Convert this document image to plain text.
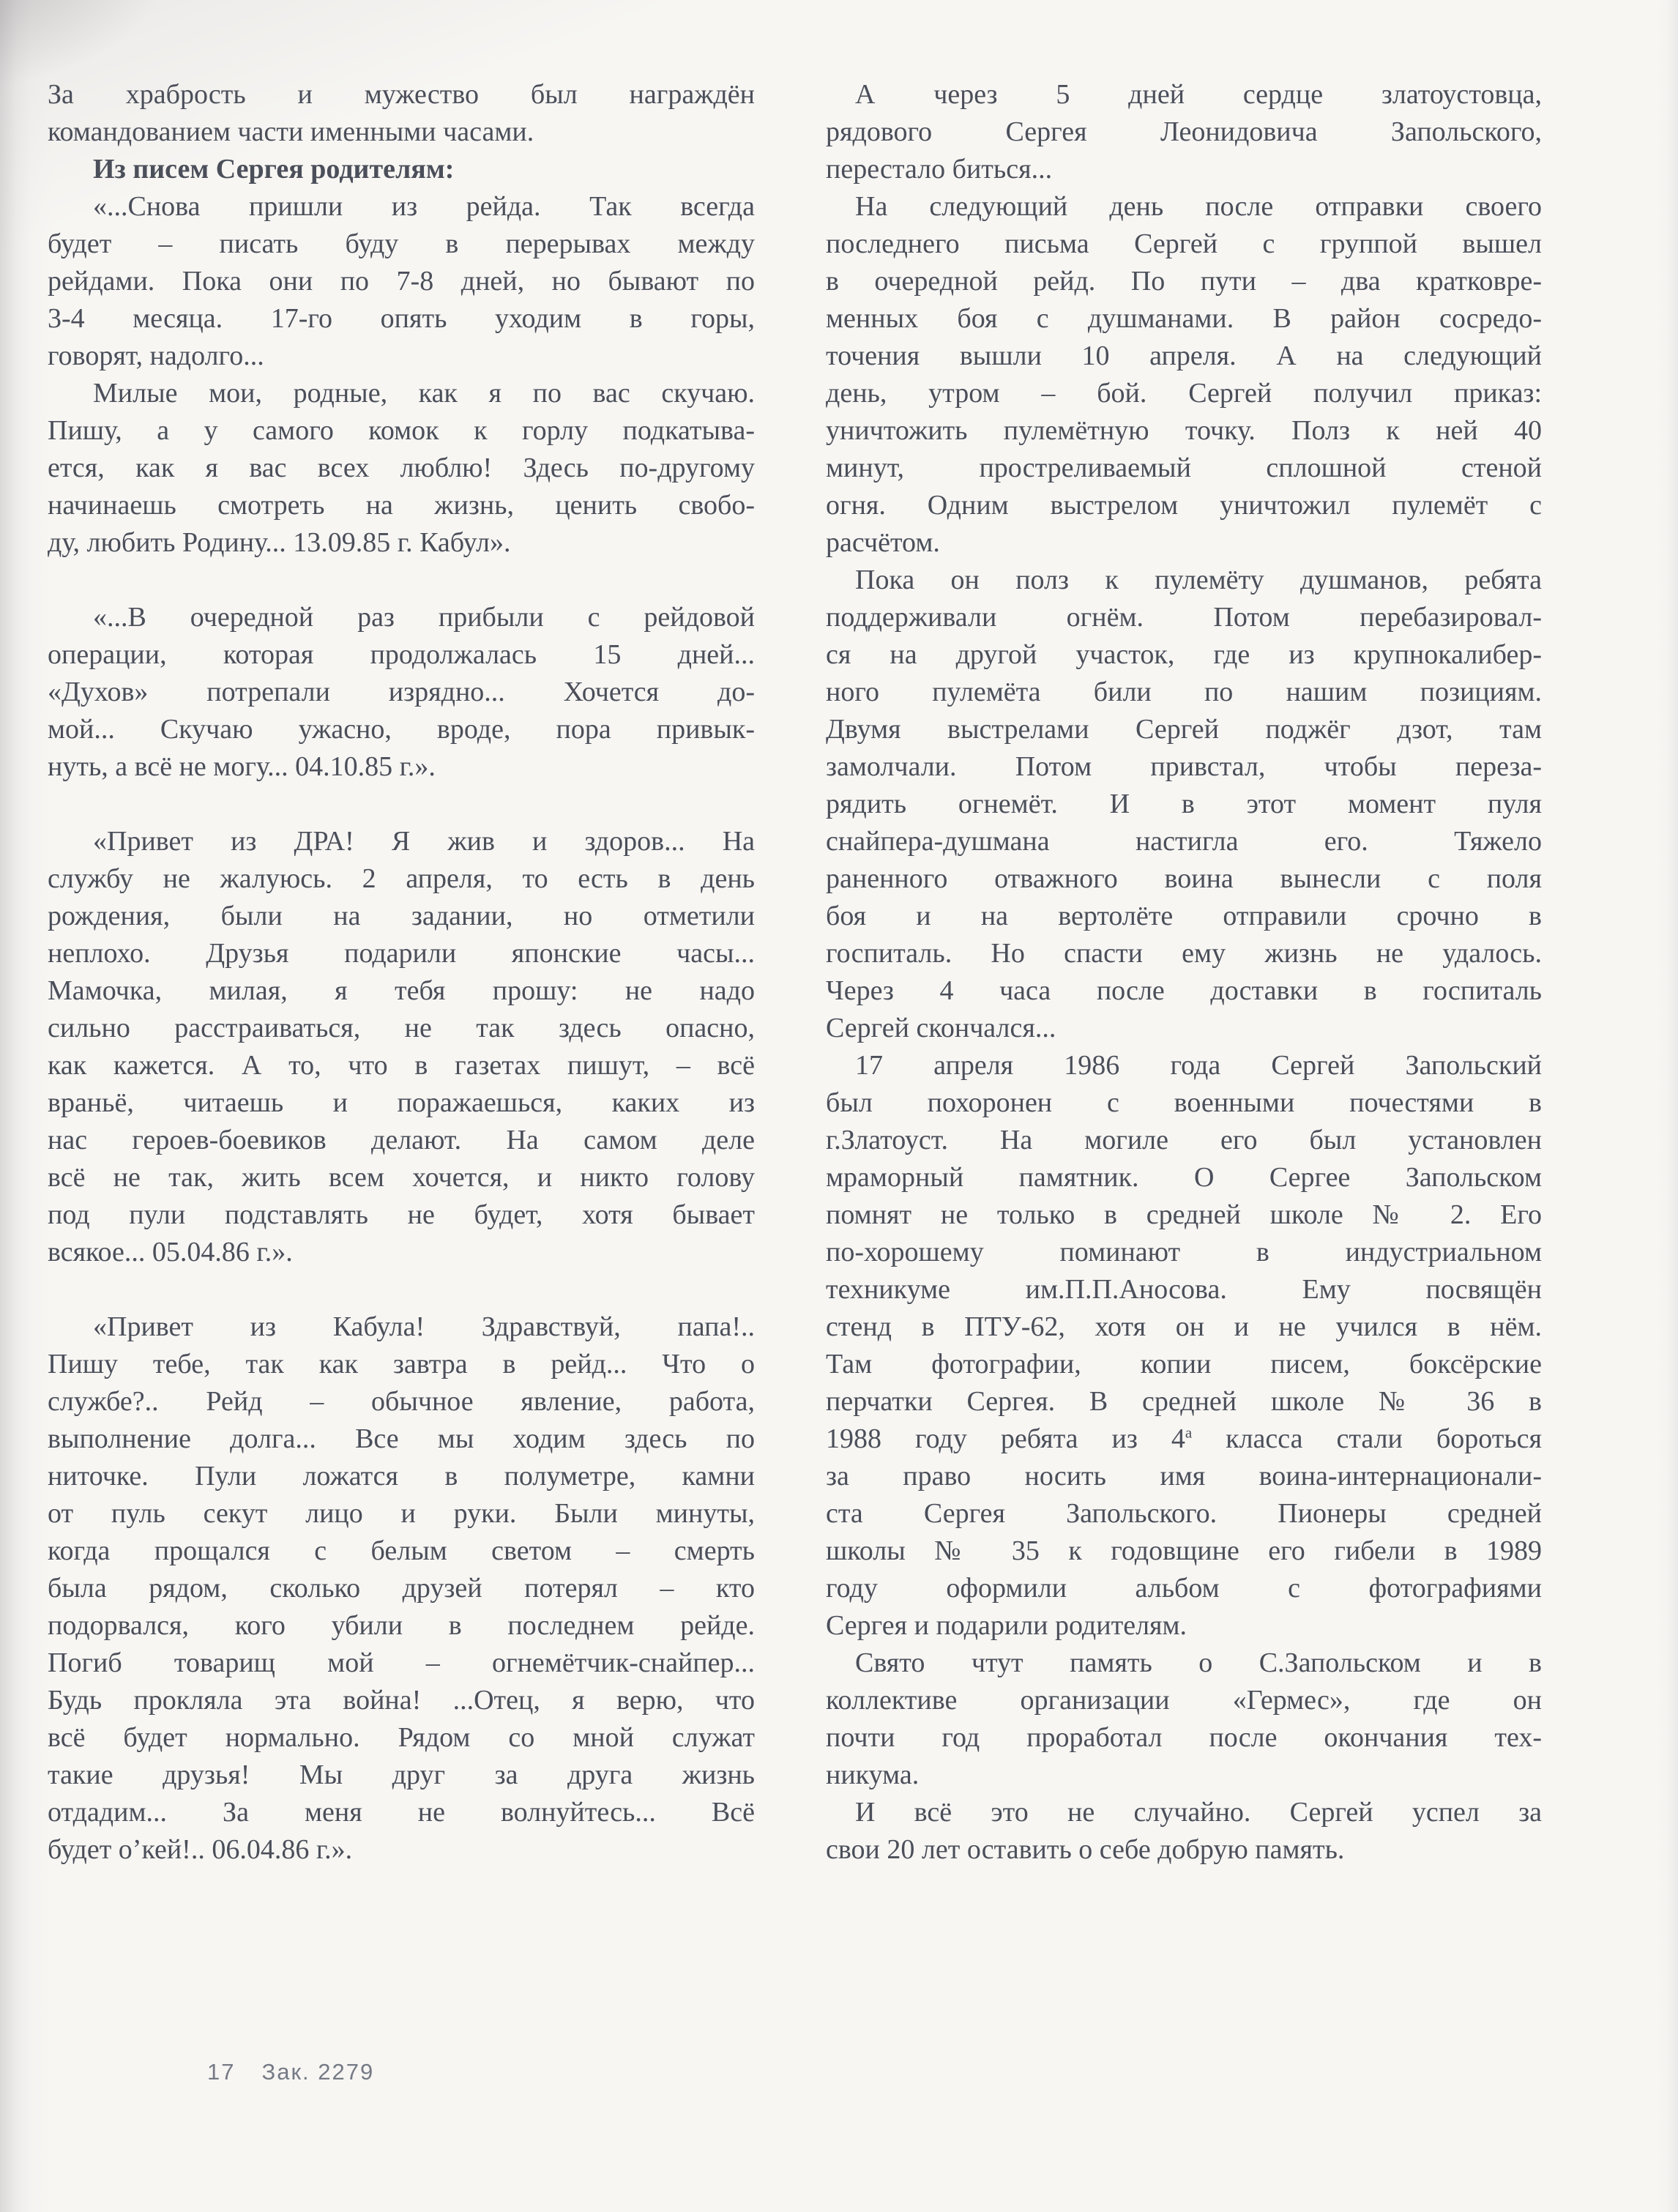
За храбрость и мужество был награждён
командованием части именными часами.
Из писем Сергея родителям:
«...Снова пришли из рейда. Так всегда
будет – писать буду в перерывах между
рейдами. Пока они по 7-8 дней, но бывают по
3-4 месяца. 17-го опять уходим в горы,
говорят, надолго...
Милые мои, родные, как я по вас скучаю.
Пишу, а у самого комок к горлу подкатыва-
ется, как я вас всех люблю! Здесь по-другому
начинаешь смотреть на жизнь, ценить свобо-
ду, любить Родину... 13.09.85 г. Кабул».
«...В очередной раз прибыли с рейдовой
операции, которая продолжалась 15 дней...
«Духов» потрепали изрядно... Хочется до-
мой... Скучаю ужасно, вроде, пора привык-
нуть, а всё не могу... 04.10.85 г.».
«Привет из ДРА! Я жив и здоров... На
службу не жалуюсь. 2 апреля, то есть в день
рождения, были на задании, но отметили
неплохо. Друзья подарили японские часы...
Мамочка, милая, я тебя прошу: не надо
сильно расстраиваться, не так здесь опасно,
как кажется. А то, что в газетах пишут, – всё
враньё, читаешь и поражаешься, каких из
нас героев-боевиков делают. На самом деле
всё не так, жить всем хочется, и никто голову
под пули подставлять не будет, хотя бывает
всякое... 05.04.86 г.».
«Привет из Кабула! Здравствуй, папа!..
Пишу тебе, так как завтра в рейд... Что о
службе?.. Рейд – обычное явление, работа,
выполнение долга... Все мы ходим здесь по
ниточке. Пули ложатся в полуметре, камни
от пуль секут лицо и руки. Были минуты,
когда прощался с белым светом – смерть
была рядом, сколько друзей потерял – кто
подорвался, кого убили в последнем рейде.
Погиб товарищ мой – огнемётчик-снайпер...
Будь прокляла эта война! ...Отец, я верю, что
всё будет нормально. Рядом со мной служат
такие друзья! Мы друг за друга жизнь
отдадим... За меня не волнуйтесь... Всё
будет о’кей!.. 06.04.86 г.».
А через 5 дней сердце златоустовца,
рядового Сергея Леонидовича Запольского,
перестало биться...
На следующий день после отправки своего
последнего письма Сергей с группой вышел
в очередной рейд. По пути – два кратковре-
менных боя с душманами. В район сосредо-
точения вышли 10 апреля. А на следующий
день, утром – бой. Сергей получил приказ:
уничтожить пулемётную точку. Полз к ней 40
минут, простреливаемый сплошной стеной
огня. Одним выстрелом уничтожил пулемёт с
расчётом.
Пока он полз к пулемёту душманов, ребята
поддерживали огнём. Потом перебазировал-
ся на другой участок, где из крупнокалибер-
ного пулемёта били по нашим позициям.
Двумя выстрелами Сергей поджёг дзот, там
замолчали. Потом привстал, чтобы переза-
рядить огнемёт. И в этот момент пуля
снайпера-душмана настигла его. Тяжело
раненного отважного воина вынесли с поля
боя и на вертолёте отправили срочно в
госпиталь. Но спасти ему жизнь не удалось.
Через 4 часа после доставки в госпиталь
Сергей скончался...
17 апреля 1986 года Сергей Запольский
был похоронен с военными почестями в
г.Златоуст. На могиле его был установлен
мраморный памятник. О Сергее Запольском
помнят не только в средней школе № 2. Его
по-хорошему поминают в индустриальном
техникуме им.П.П.Аносова. Ему посвящён
стенд в ПТУ-62, хотя он и не учился в нём.
Там фотографии, копии писем, боксёрские
перчатки Сергея. В средней школе № 36 в
1988 году ребята из $4^а$ класса стали бороться
за право носить имя воина-интернационали-
ста Сергея Запольского. Пионеры средней
школы № 35 к годовщине его гибели в 1989
году оформили альбом с фотографиями
Сергея и подарили родителям.
Свято чтут память о С.Запольском и в
коллективе организации «Гермес», где он
почти год проработал после окончания тех-
никума.
И всё это не случайно. Сергей успел за
свои 20 лет оставить о себе добрую память.
17 Зак. 2279
